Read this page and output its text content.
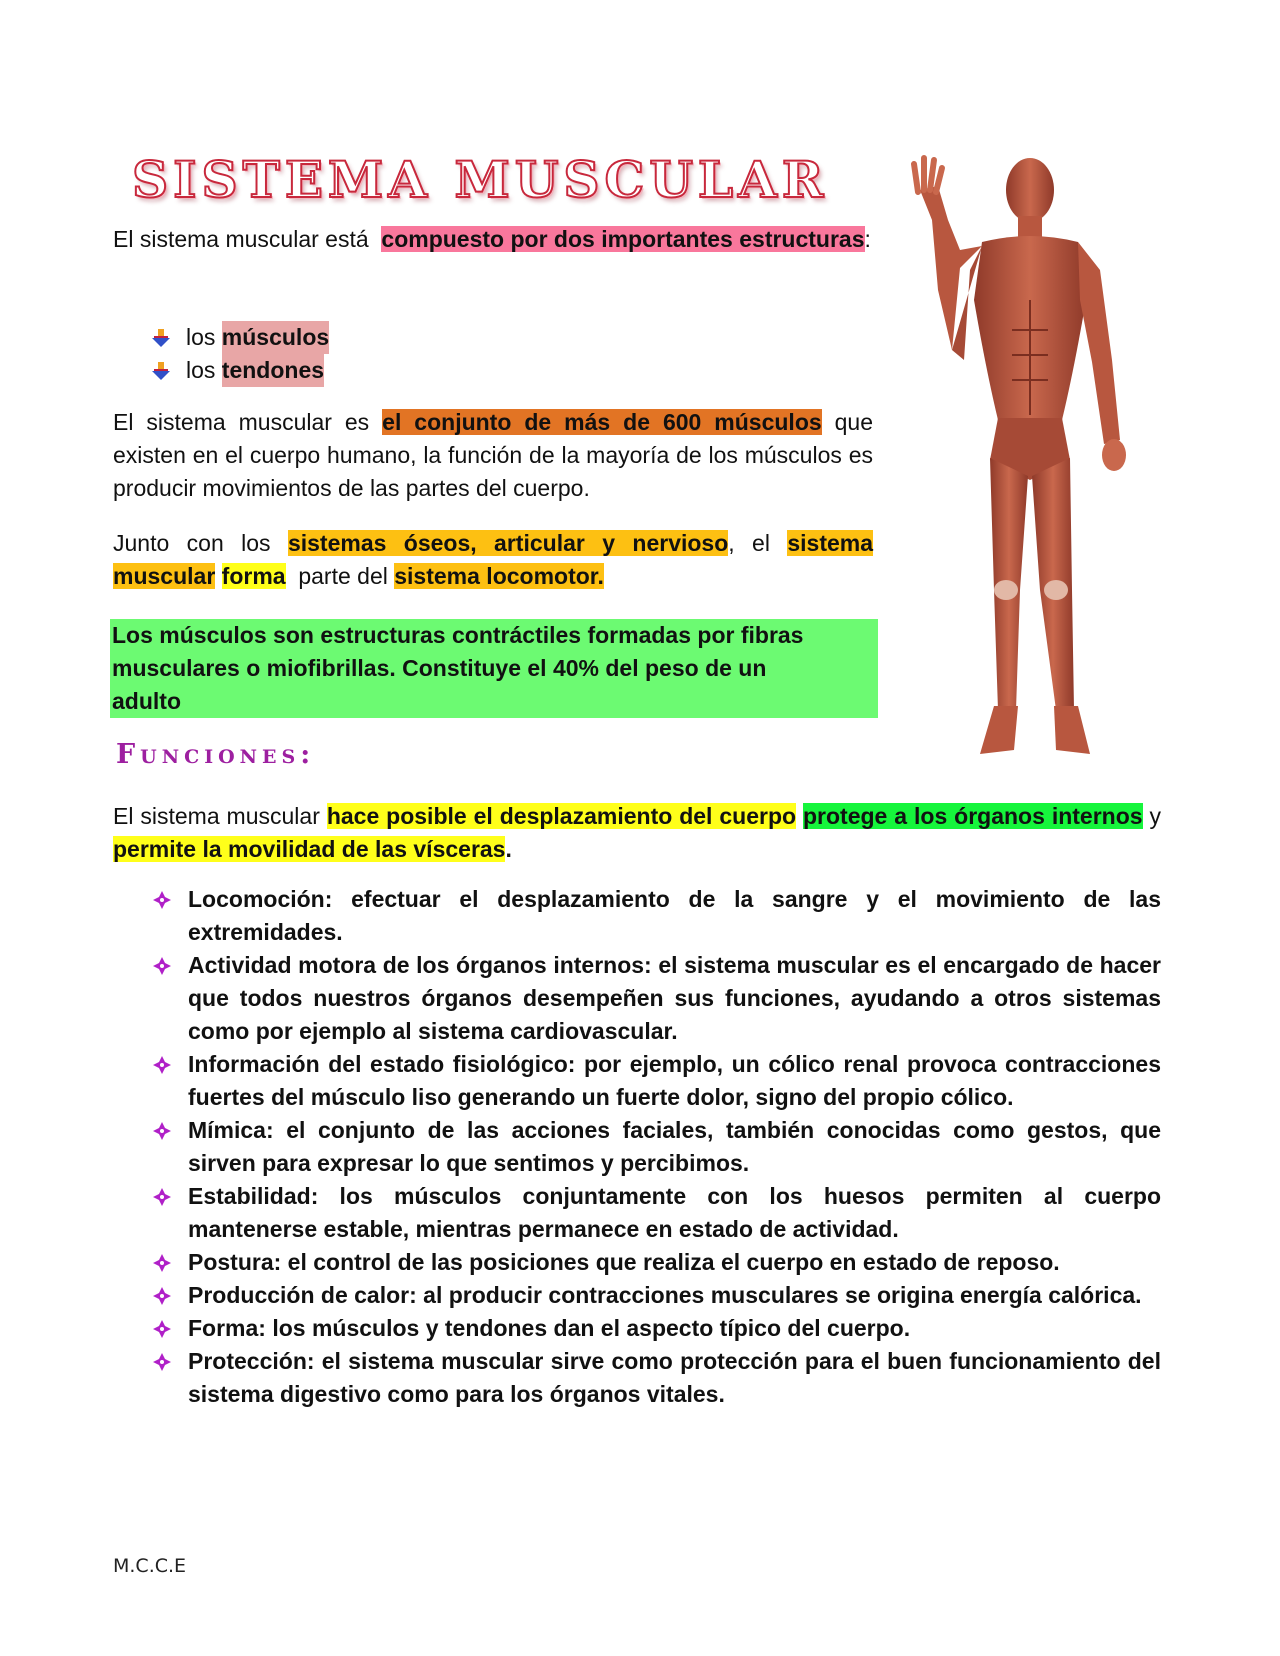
SISTEMA MUSCULAR

El sistema muscular está compuesto por dos importantes estructuras:

los
músculos
los
tendones

El sistema muscular es el conjunto de más de 600 músculos que existen en el cuerpo humano, la función de la mayoría de los músculos es producir movimientos de las partes del cuerpo.

Junto con los sistemas óseos, articular y nervioso, el sistema muscular forma parte del sistema locomotor.

Los músculos son estructuras contráctiles formadas por fibras
musculares o miofibrillas. Constituye el 40% del peso de un
adulto
Funciones:

El sistema muscular hace posible el desplazamiento del cuerpo protege a los órganos internos y permite la movilidad de las vísceras.

Locomoción: efectuar el desplazamiento de la sangre y el movimiento de las extremidades.
Actividad motora de los órganos internos: el sistema muscular es el encargado de hacer que todos nuestros órganos desempeñen sus funciones, ayudando a otros sistemas como por ejemplo al sistema cardiovascular.
Información del estado fisiológico: por ejemplo, un cólico renal provoca contracciones fuertes del músculo liso generando un fuerte dolor, signo del propio cólico.
Mímica: el conjunto de las acciones faciales, también conocidas como gestos, que sirven para expresar lo que sentimos y percibimos.
Estabilidad: los músculos conjuntamente con los huesos permiten al cuerpo mantenerse estable, mientras permanece en estado de actividad.
Postura: el control de las posiciones que realiza el cuerpo en estado de reposo.
Producción de calor: al producir contracciones musculares se origina energía calórica.
Forma: los músculos y tendones dan el aspecto típico del cuerpo.
Protección: el sistema muscular sirve como protección para el buen funcionamiento del sistema digestivo como para los órganos vitales.
M.C.C.E
